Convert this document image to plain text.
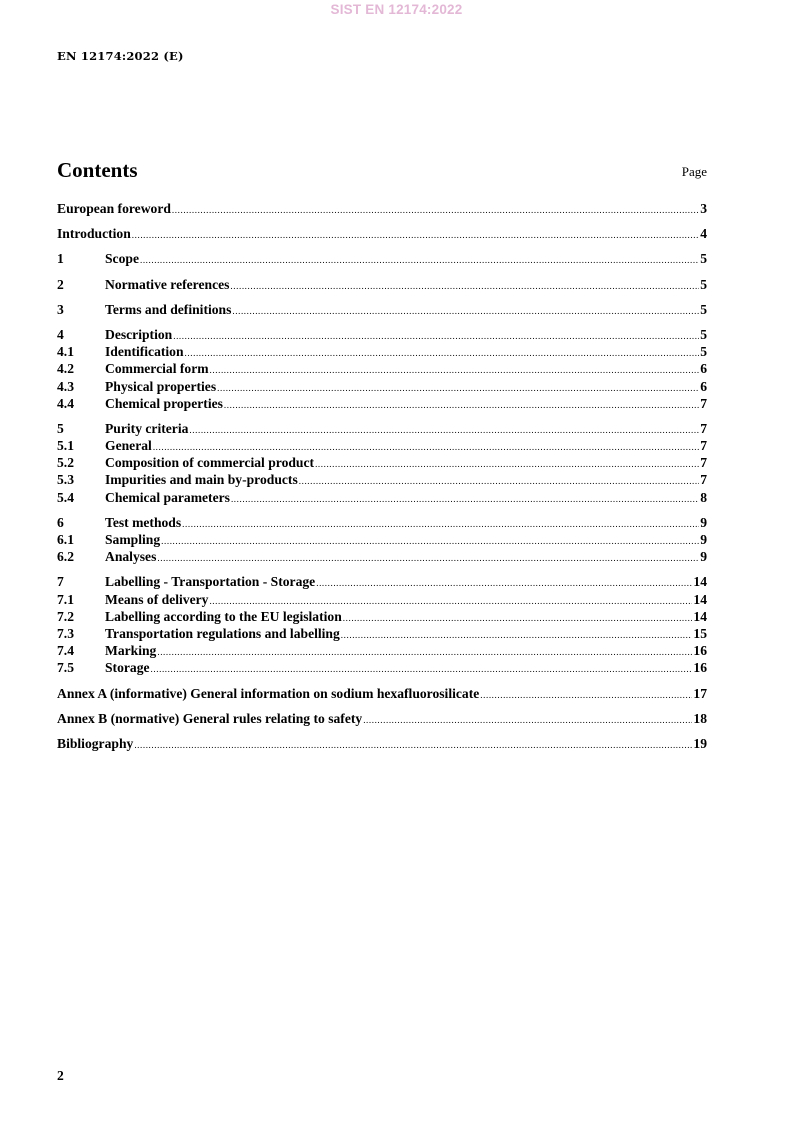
SIST EN 12174:2022
EN 12174:2022 (E)
Contents	Page
European foreword .....	3
Introduction .....	4
1	Scope .....	5
2	Normative references .....	5
3	Terms and definitions .....	5
4	Description .....	5
4.1	Identification .....	5
4.2	Commercial form .....	6
4.3	Physical properties .....	6
4.4	Chemical properties .....	7
5	Purity criteria .....	7
5.1	General .....	7
5.2	Composition of commercial product .....	7
5.3	Impurities and main by-products .....	7
5.4	Chemical parameters .....	8
6	Test methods .....	9
6.1	Sampling .....	9
6.2	Analyses .....	9
7	Labelling - Transportation - Storage .....	14
7.1	Means of delivery .....	14
7.2	Labelling according to the EU legislation .....	14
7.3	Transportation regulations and labelling .....	15
7.4	Marking .....	16
7.5	Storage .....	16
Annex A (informative) General information on sodium hexafluorosilicate .....	17
Annex B (normative) General rules relating to safety .....	18
Bibliography .....	19
2
